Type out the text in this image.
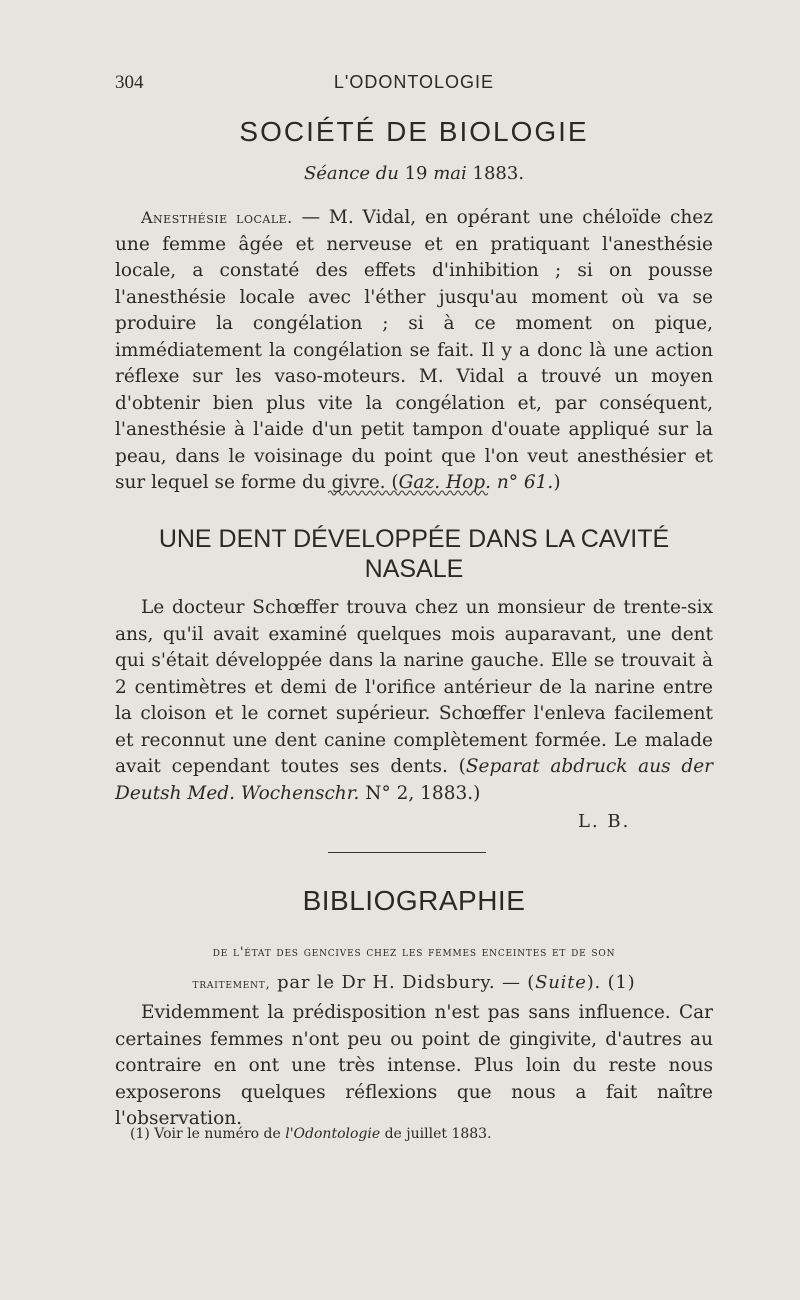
304	L'ODONTOLOGIE
SOCIÉTÉ DE BIOLOGIE
Séance du 19 mai 1883.
Anesthésie locale. — M. Vidal, en opérant une chéloïde chez une femme âgée et nerveuse et en pratiquant l'anesthésie locale, a constaté des effets d'inhibition ; si on pousse l'anesthésie locale avec l'éther jusqu'au moment où va se produire la congélation ; si à ce moment on pique, immédiatement la congélation se fait. Il y a donc là une action réflexe sur les vaso-moteurs. M. Vidal a trouvé un moyen d'obtenir bien plus vite la congélation et, par conséquent, l'anesthésie à l'aide d'un petit tampon d'ouate appliqué sur la peau, dans le voisinage du point que l'on veut anesthésier et sur lequel se forme du givre. (Gaz. Hop. n° 61.)
UNE DENT DÉVELOPPÉE DANS LA CAVITÉ
NASALE
Le docteur Schœffer trouva chez un monsieur de trente-six ans, qu'il avait examiné quelques mois auparavant, une dent qui s'était développée dans la narine gauche. Elle se trouvait à 2 centimètres et demi de l'orifice antérieur de la narine entre la cloison et le cornet supérieur. Schœffer l'enleva facilement et reconnut une dent canine complètement formée. Le malade avait cependant toutes ses dents. (Separat abdruck aus der Deutsh Med. Wochenschr. N° 2, 1883.)
L. B.
BIBLIOGRAPHIE
de l'état des gencives chez les femmes enceintes et de son
traitement, par le Dr H. Didsbury. — (Suite). (1)
Evidemment la prédisposition n'est pas sans influence. Car certaines femmes n'ont peu ou point de gingivite, d'autres au contraire en ont une très intense. Plus loin du reste nous exposerons quelques réflexions que nous a fait naître l'observation.
(1) Voir le numéro de l'Odontologie de juillet 1883.
